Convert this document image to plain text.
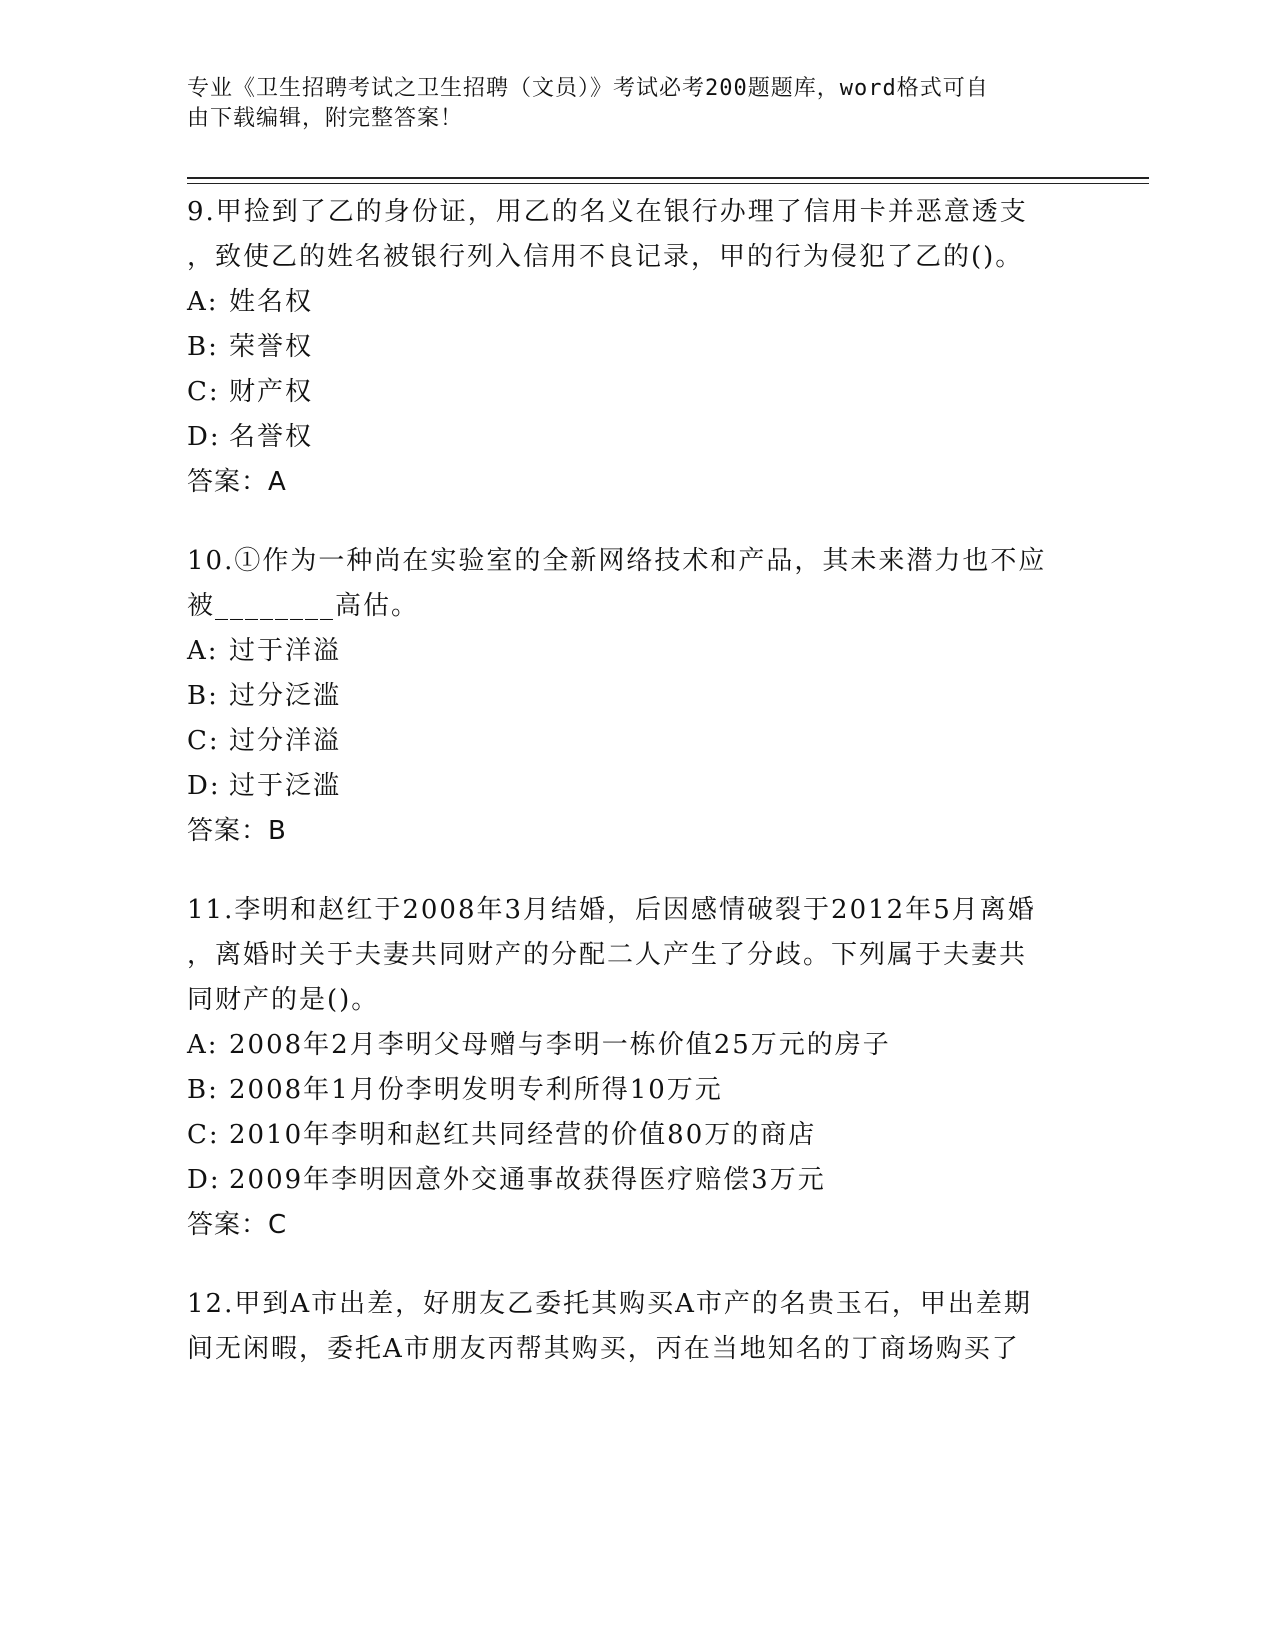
专业《卫生招聘考试之卫生招聘（文员）》考试必考200题题库，word格式可自
由下载编辑，附完整答案！

9.甲捡到了乙的身份证，用乙的名义在银行办理了信用卡并恶意透支

，致使乙的姓名被银行列入信用不良记录，甲的行为侵犯了乙的()。

A: 姓名权

B: 荣誉权

C: 财产权

D: 名誉权

答案：A

10.①作为一种尚在实验室的全新网络技术和产品，其未来潜力也不应

被________高估。

A: 过于洋溢

B: 过分泛滥

C: 过分洋溢

D: 过于泛滥

答案：B

11.李明和赵红于2008年3月结婚，后因感情破裂于2012年5月离婚

，离婚时关于夫妻共同财产的分配二人产生了分歧。下列属于夫妻共

同财产的是()。

A: 2008年2月李明父母赠与李明一栋价值25万元的房子

B: 2008年1月份李明发明专利所得10万元

C: 2010年李明和赵红共同经营的价值80万的商店

D: 2009年李明因意外交通事故获得医疗赔偿3万元

答案：C

12.甲到A市出差，好朋友乙委托其购买A市产的名贵玉石，甲出差期

间无闲暇，委托A市朋友丙帮其购买，丙在当地知名的丁商场购买了
